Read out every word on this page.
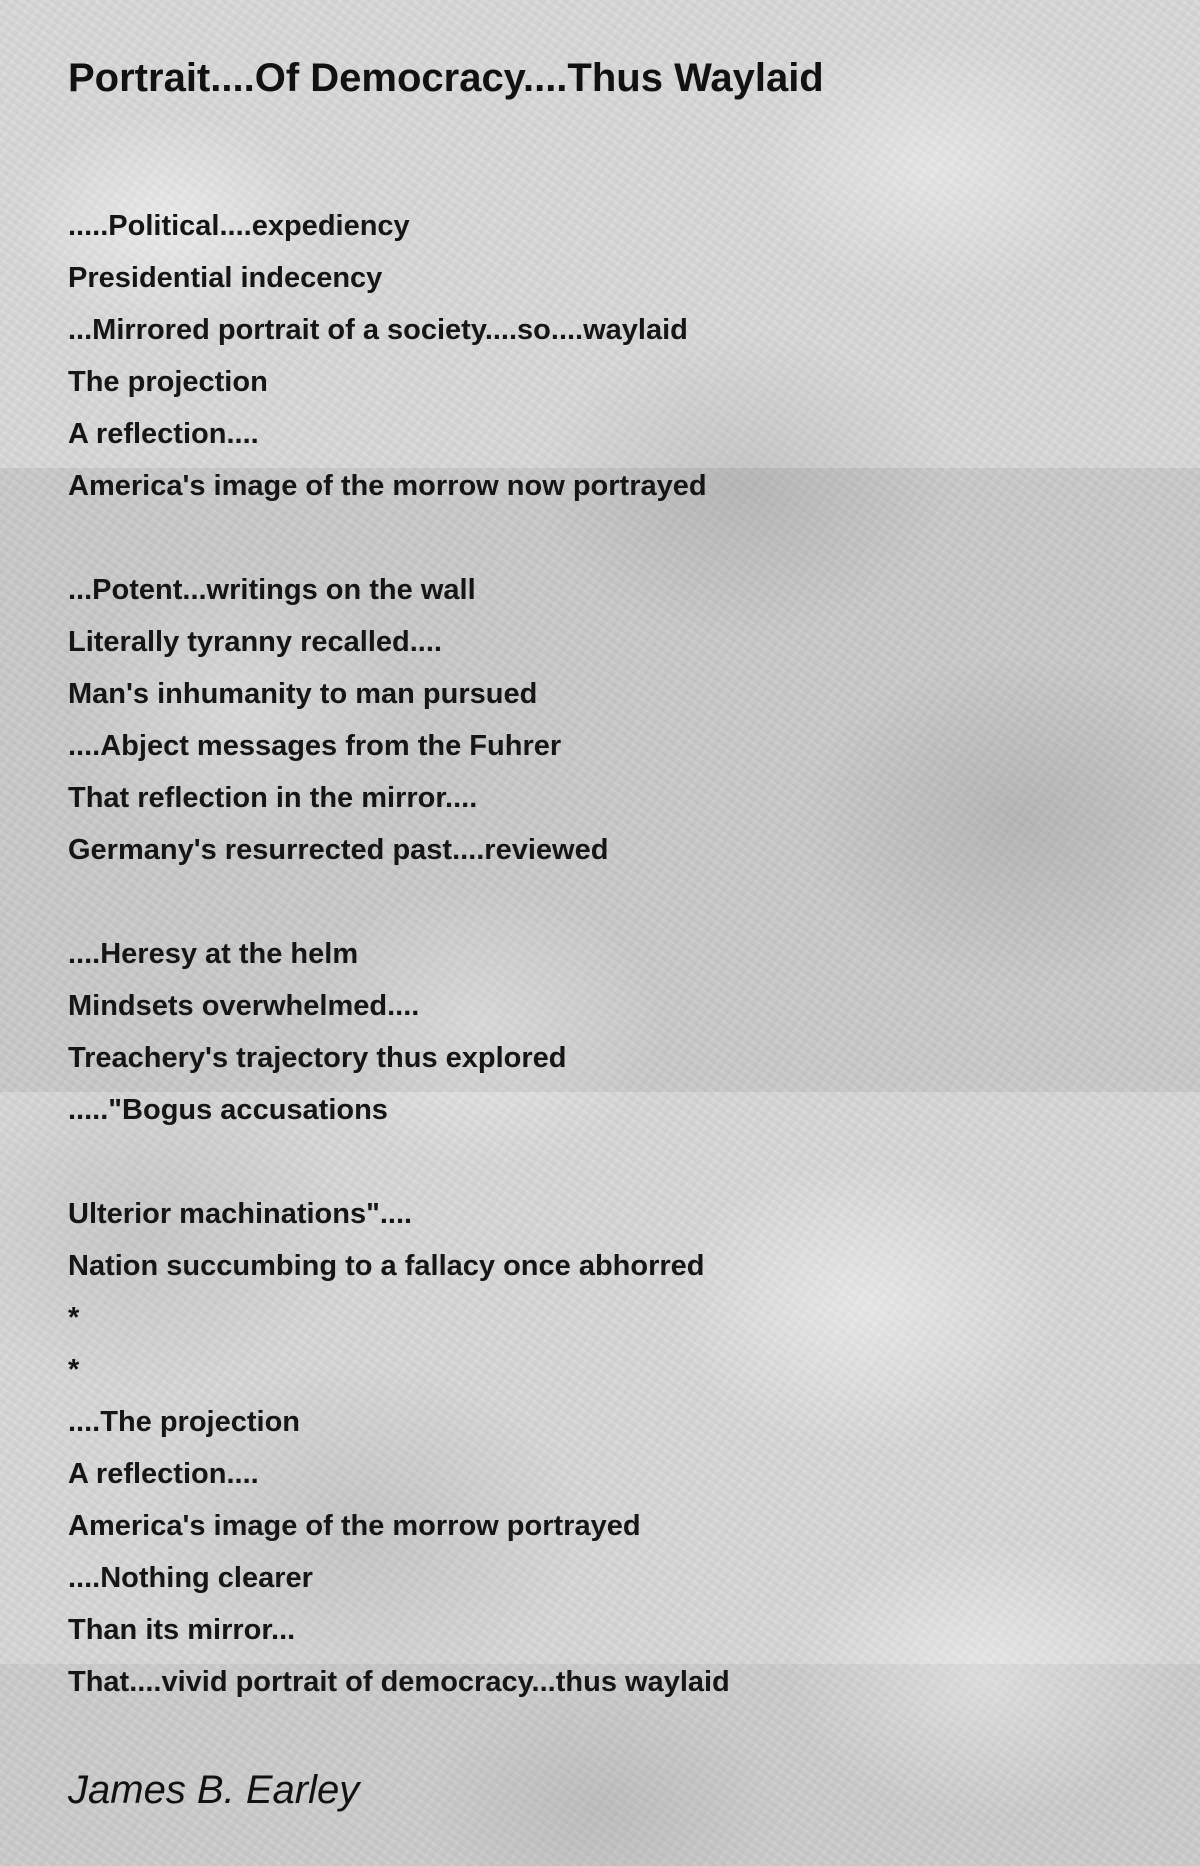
Portrait....Of Democracy....Thus Waylaid
.....Political....expediency
Presidential indecency
...Mirrored portrait of a society....so....waylaid
The projection
A reflection....
America's image of the morrow now portrayed
...Potent...writings on the wall
Literally tyranny recalled....
Man's inhumanity to man pursued
....Abject messages from the Fuhrer
That reflection in the mirror....
Germany's resurrected past....reviewed
....Heresy at the helm
Mindsets overwhelmed....
Treachery's trajectory thus explored
....."Bogus accusations
Ulterior machinations"....
Nation succumbing to a fallacy once abhorred
*
*
....The projection
A reflection....
America's image of the morrow portrayed
....Nothing clearer
Than its mirror...
That....vivid portrait of democracy...thus waylaid

James B. Earley
